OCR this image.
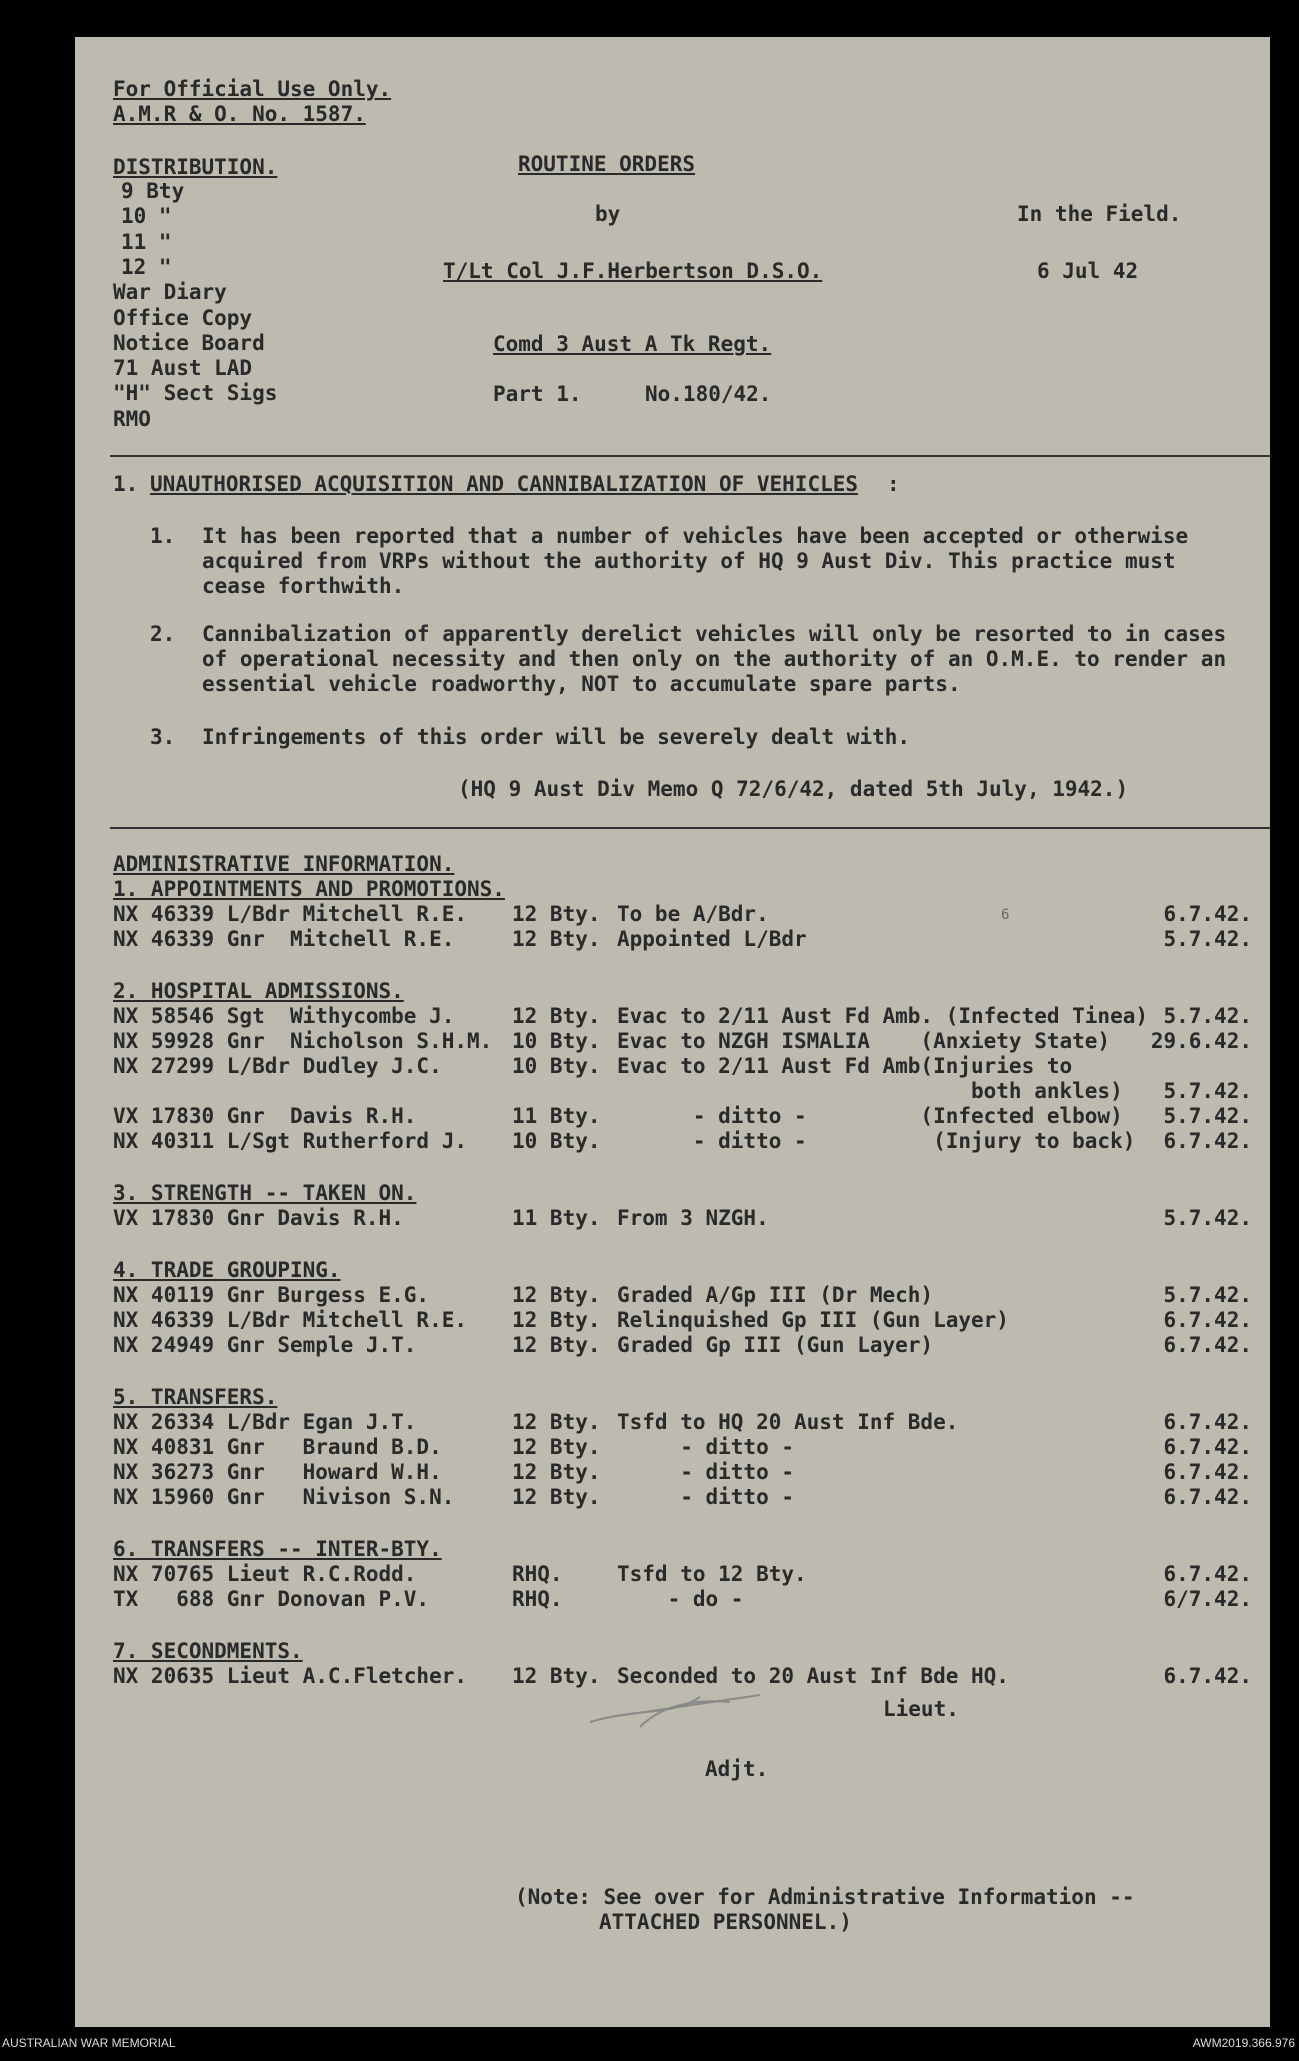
For Official Use Only.
A.M.R & O. No. 1587.
DISTRIBUTION.
9 Bty
10 "
11 "
12 "
War Diary
Office Copy
Notice Board
71 Aust LAD
"H" Sect Sigs
RMO
ROUTINE ORDERS
by
T/Lt Col J.F.Herbertson D.S.O.
Comd 3 Aust A Tk Regt.
Part 1.	No.180/42.
In the Field.
6 Jul 42
1. UNAUTHORISED ACQUISITION AND CANNIBALIZATION OF VEHICLES :
1. It has been reported that a number of vehicles have been accepted or otherwise acquired from VRPs without the authority of HQ 9 Aust Div. This practice must cease forthwith.
2. Cannibalization of apparently derelict vehicles will only be resorted to in cases of operational necessity and then only on the authority of an O.M.E. to render an essential vehicle roadworthy, NOT to accumulate spare parts.
3. Infringements of this order will be severely dealt with.
(HQ 9 Aust Div Memo Q 72/6/42, dated 5th July, 1942.)
ADMINISTRATIVE INFORMATION.
1. APPOINTMENTS AND PROMOTIONS.
NX 46339 L/Bdr Mitchell R.E. 12 Bty. To be A/Bdr.	6.7.42.
NX 46339 Gnr  Mitchell R.E.	12 Bty. Appointed L/Bdr	5.7.42.
2. HOSPITAL ADMISSIONS.
NX 58546 Sgt  Withycombe J.	12 Bty. Evac to 2/11 Aust Fd Amb. (Infected Tinea) 5.7.42.
NX 59928 Gnr  Nicholson S.H.M. 10 Bty. Evac to NZGH ISMALIA    (Anxiety State) 29.6.42.
NX 27299 L/Bdr Dudley J.C.	10 Bty. Evac to 2/11 Aust Fd Amb(Injuries to
both ankles) 5.7.42.
VX 17830 Gnr  Davis R.H.	11 Bty. - ditto -         (Infected elbow) 5.7.42.
NX 40311 L/Sgt Rutherford J. 10 Bty. - ditto -          (Injury to back) 6.7.42.
3. STRENGTH -- TAKEN ON.
VX 17830 Gnr Davis R.H.	11 Bty. From 3 NZGH.	5.7.42.
4. TRADE GROUPING.
NX 40119 Gnr Burgess E.G.	12 Bty. Graded A/Gp III (Dr Mech)	5.7.42.
NX 46339 L/Bdr Mitchell R.E. 12 Bty. Relinquished Gp III (Gun Layer)	6.7.42.
NX 24949 Gnr Semple J.T.	12 Bty. Graded Gp III (Gun Layer)	6.7.42.
5. TRANSFERS.
NX 26334 L/Bdr Egan J.T.	12 Bty. Tsfd to HQ 20 Aust Inf Bde.	6.7.42.
NX 40831 Gnr   Braund B.D.	12 Bty. - ditto -	6.7.42.
NX 36273 Gnr   Howard W.H.	12 Bty. - ditto -	6.7.42.
NX 15960 Gnr   Nivison S.N.	12 Bty. - ditto -	6.7.42.
6. TRANSFERS -- INTER-BTY.
NX 70765 Lieut R.C.Rodd.	RHQ.	Tsfd to 12 Bty.	6.7.42.
TX   688 Gnr Donovan P.V.	RHQ.	- do -	6/7.42.
7. SECONDMENTS.
NX 20635 Lieut A.C.Fletcher. 12 Bty. Seconded to 20 Aust Inf Bde HQ.	6.7.42.
6
Lieut.
Adjt.
(Note: See over for Administrative Information --
ATTACHED PERSONNEL.)
AUSTRALIAN WAR MEMORIAL	AWM2019.366.976
